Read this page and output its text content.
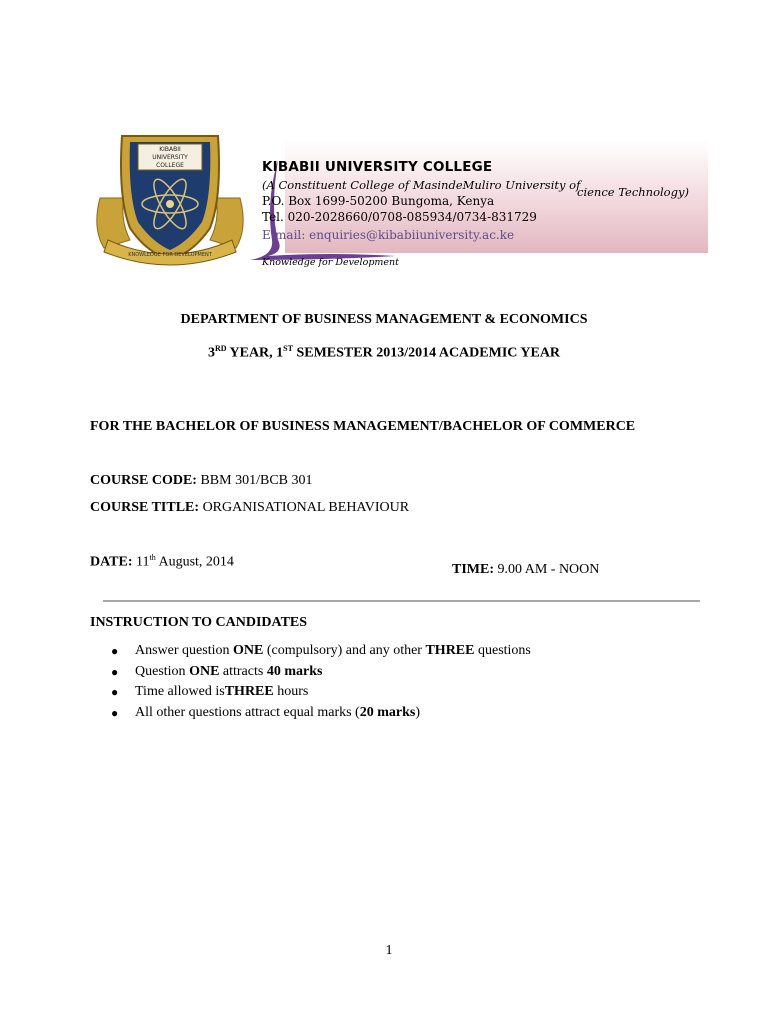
KIBABII
UNIVERSITY
COLLEGE
KNOWLEDGE FOR DEVELOPMENT
KIBABII UNIVERSITY COLLEGE
(A Constituent College of MasindeMuliro University of
cience Technology)
P.O. Box 1699-50200 Bungoma, Kenya
Tel. 020-2028660/0708-085934/0734-831729
E-mail: enquiries@kibabiiuniversity.ac.ke
Knowledge for Development
DEPARTMENT OF BUSINESS MANAGEMENT & ECONOMICS
3RD YEAR, 1ST SEMESTER 2013/2014 ACADEMIC YEAR
FOR THE BACHELOR OF BUSINESS MANAGEMENT/BACHELOR OF COMMERCE
COURSE CODE: BBM 301/BCB 301
COURSE TITLE: ORGANISATIONAL BEHAVIOUR
DATE: 11th August, 2014	TIME: 9.00 AM - NOON
INSTRUCTION TO CANDIDATES
● Answer question ONE (compulsory) and any other THREE questions
● Question ONE attracts 40 marks
● Time allowed isTHREE hours
● All other questions attract equal marks (20 marks)
1
